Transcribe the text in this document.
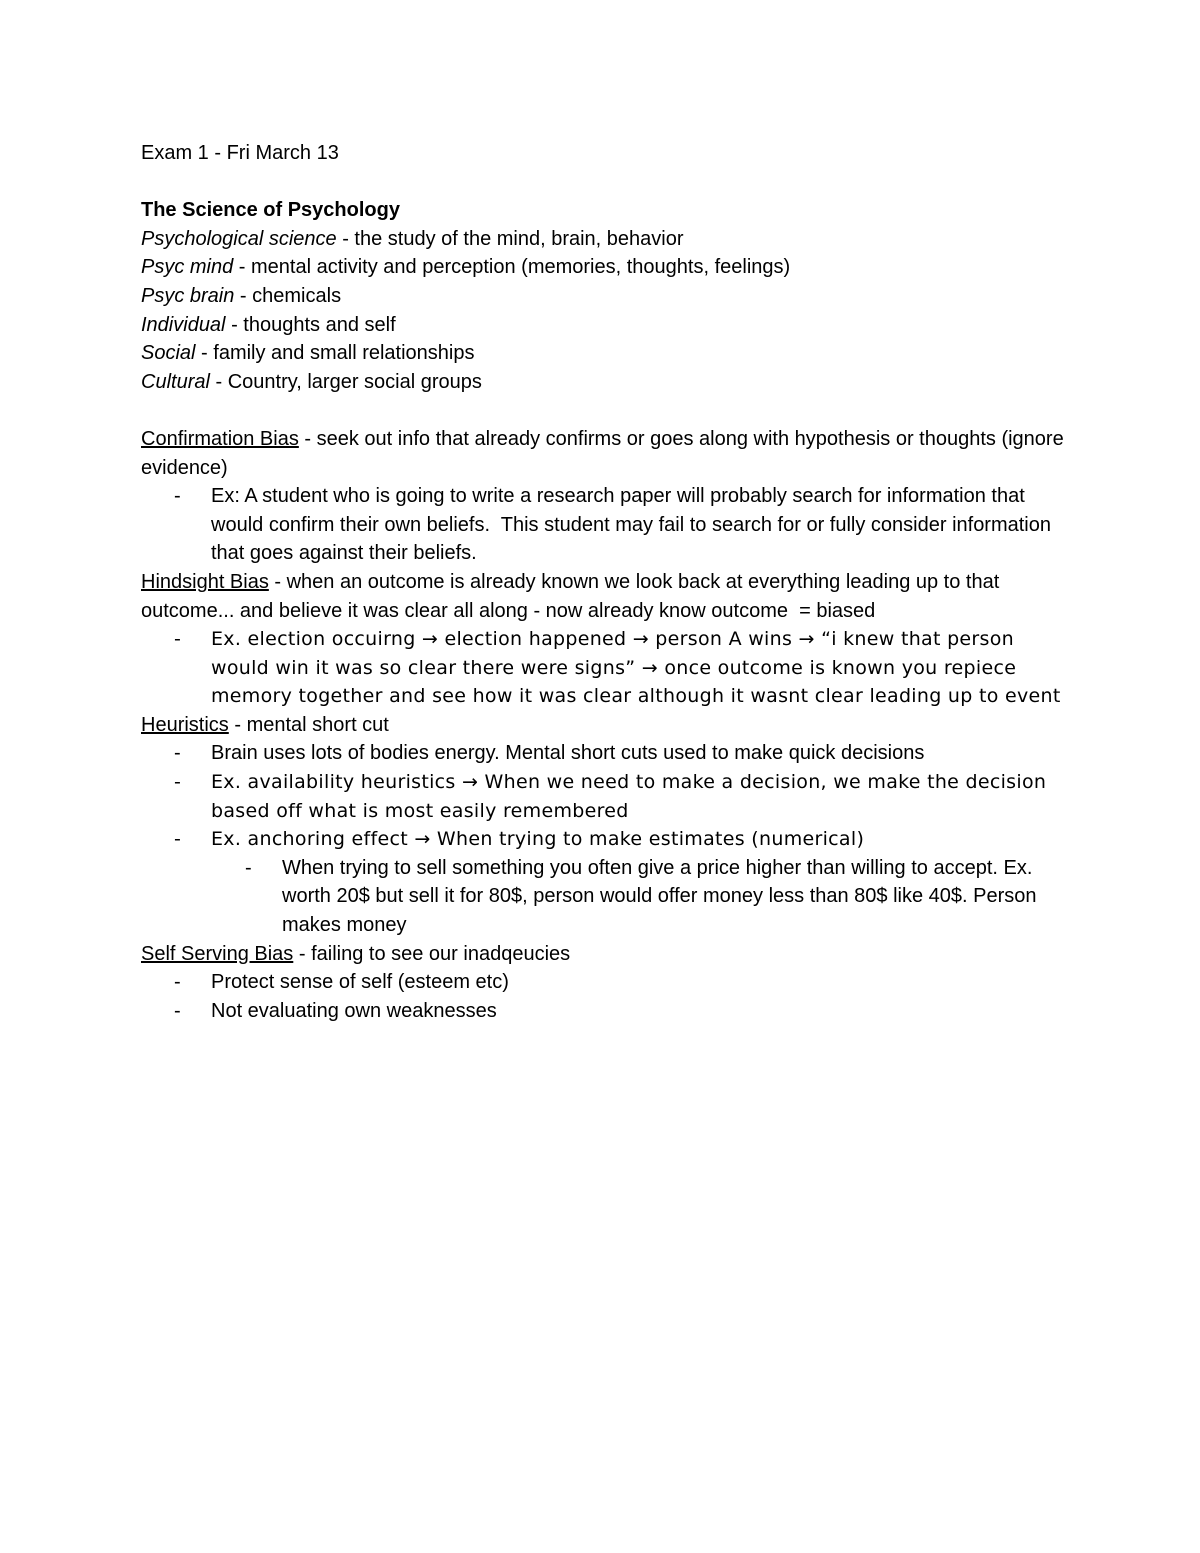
Exam 1 - Fri March 13

The Science of Psychology

Psychological science - the study of the mind, brain, behavior

Psyc mind - mental activity and perception (memories, thoughts, feelings)

Psyc brain - chemicals

Individual - thoughts and self

Social - family and small relationships

Cultural - Country, larger social groups

Confirmation Bias - seek out info that already confirms or goes along with hypothesis or thoughts (ignore evidence)

- Ex: A student who is going to write a research paper will probably search for information that would confirm their own beliefs.  This student may fail to search for or fully consider information that goes against their beliefs.

Hindsight Bias - when an outcome is already known we look back at everything leading up to that outcome... and believe it was clear all along - now already know outcome  = biased

- Ex. election occuirng → election happened → person A wins → “i knew that person would win it was so clear there were signs” → once outcome is known you repiece memory together and see how it was clear although it wasnt clear leading up to event

Heuristics - mental short cut

- Brain uses lots of bodies energy. Mental short cuts used to make quick decisions
- Ex. availability heuristics → When we need to make a decision, we make the decision based off what is most easily remembered
- Ex. anchoring effect → When trying to make estimates (numerical)
- When trying to sell something you often give a price higher than willing to accept. Ex. worth 20$ but sell it for 80$, person would offer money less than 80$ like 40$. Person makes money

Self Serving Bias - failing to see our inadqeucies

- Protect sense of self (esteem etc)
- Not evaluating own weaknesses
